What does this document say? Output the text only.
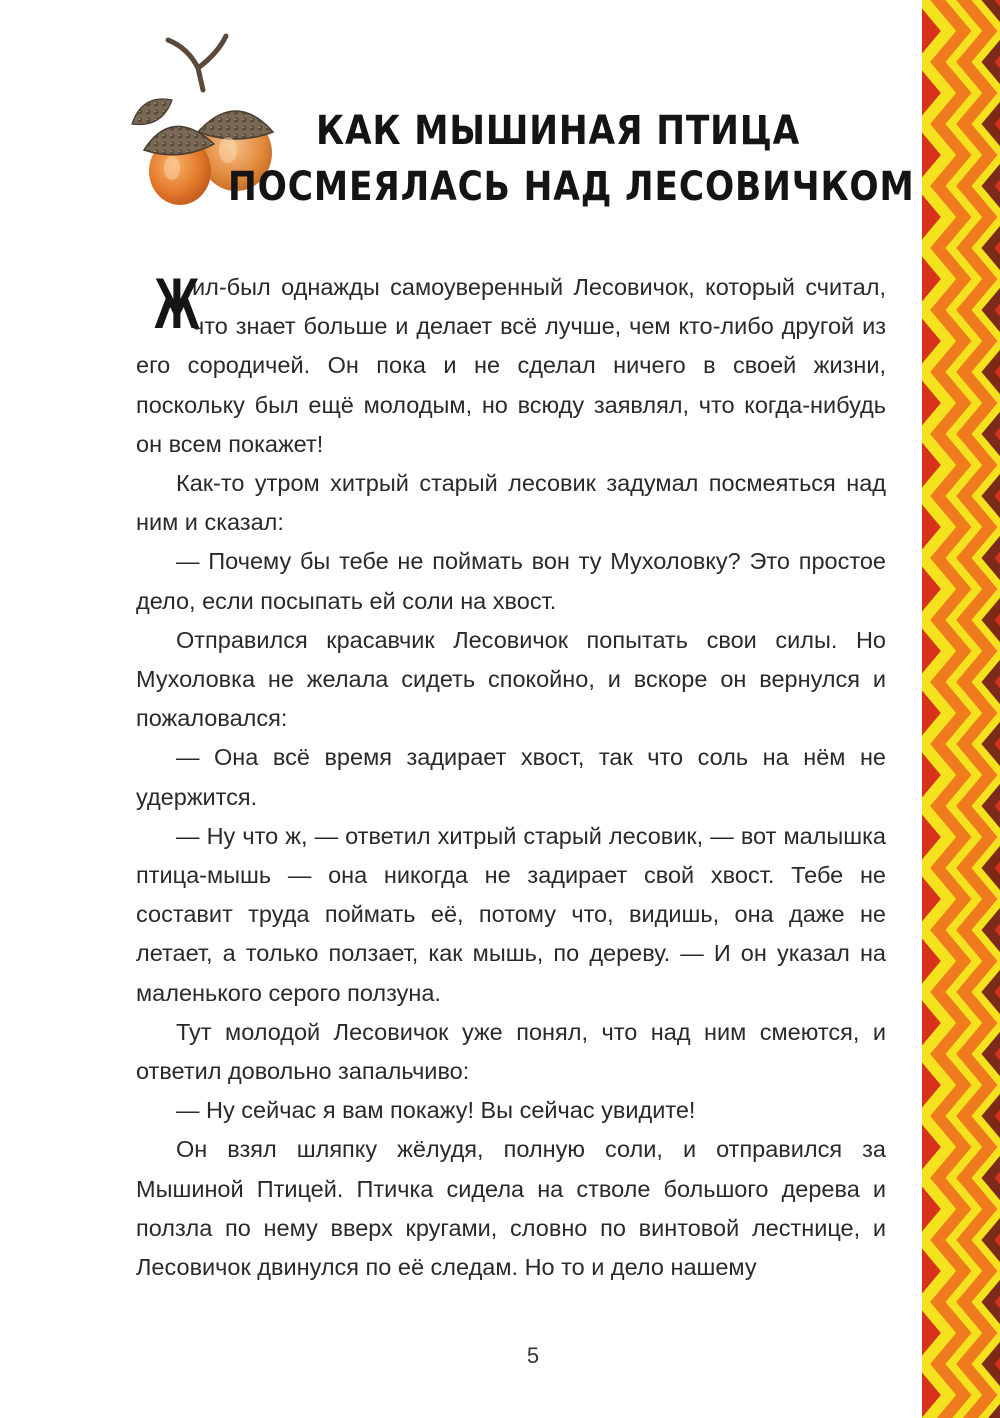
КАК МЫШИНАЯ ПТИЦА
ПОСМЕЯЛАСЬ НАД ЛЕСОВИЧКОМ

Ж
ил-был однажды самоуверенный Лесовичок, который считал, что знает больше и делает всё лучше, чем кто-либо другой из его сородичей. Он пока и не сделал ничего в своей жизни, поскольку был ещё молодым, но всюду заявлял, что когда-нибудь он всем покажет!

Как-то утром хитрый старый лесовик задумал посмеяться над ним и сказал:

— Почему бы тебе не поймать вон ту Мухоловку? Это простое дело, если посыпать ей соли на хвост.

Отправился красавчик Лесовичок попытать свои силы. Но Мухоловка не желала сидеть спокойно, и вскоре он вернулся и пожаловался:

— Она всё время задирает хвост, так что соль на нём не удержится.

— Ну что ж, — ответил хитрый старый лесовик, — вот малышка птица-мышь — она никогда не задирает свой хвост. Тебе не составит труда поймать её, потому что, видишь, она даже не летает, а только ползает, как мышь, по дереву. — И он указал на маленького серого ползуна.

Тут молодой Лесовичок уже понял, что над ним смеются, и ответил довольно запальчиво:

— Ну сейчас я вам покажу! Вы сейчас увидите!

Он взял шляпку жёлудя, полную соли, и отправился за Мышиной Птицей. Птичка сидела на стволе большого дерева и ползла по нему вверх кругами, словно по винтовой лестнице, и Лесовичок двинулся по её следам. Но то и дело нашему

5
